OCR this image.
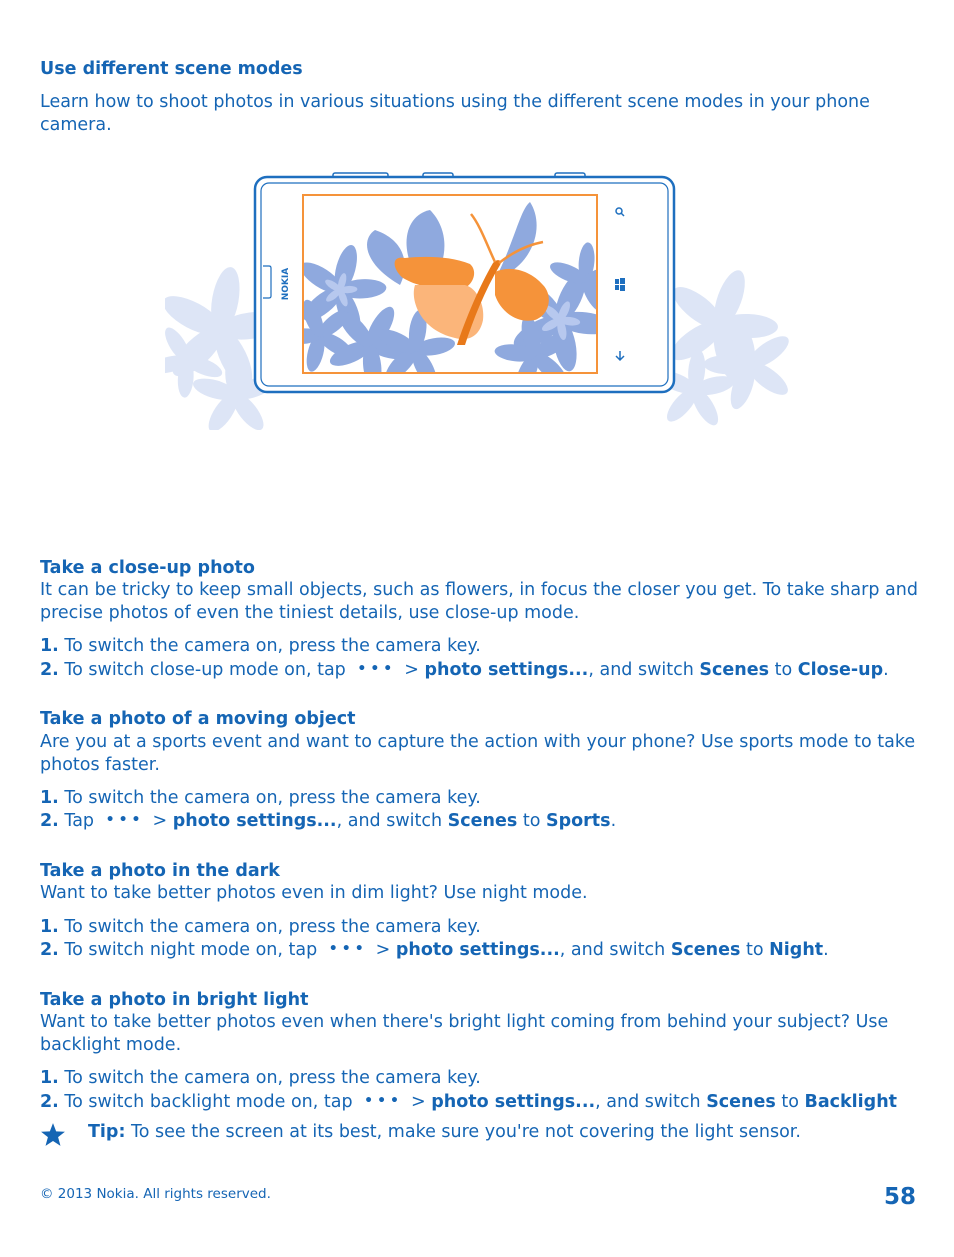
Use different scene modes

Learn how to shoot photos in various situations using the different scene modes in your phone camera.

NOKIA
Take a close-up photo

It can be tricky to keep small objects, such as flowers, in focus the closer you get. To take sharp and precise photos of even the tiniest details, use close-up mode.

1. To switch the camera on, press the camera key.
2. To switch close-up mode on, tap ••• > photo settings..., and switch Scenes to Close-up.
Take a photo of a moving object

Are you at a sports event and want to capture the action with your phone? Use sports mode to take photos faster.

1. To switch the camera on, press the camera key.
2. Tap ••• > photo settings..., and switch Scenes to Sports.
Take a photo in the dark

Want to take better photos even in dim light? Use night mode.

1. To switch the camera on, press the camera key.
2. To switch night mode on, tap ••• > photo settings..., and switch Scenes to Night.
Take a photo in bright light

Want to take better photos even when there's bright light coming from behind your subject? Use backlight mode.

1. To switch the camera on, press the camera key.
2. To switch backlight mode on, tap ••• > photo settings..., and switch Scenes to Backlight
Tip: To see the screen at its best, make sure you're not covering the light sensor.
© 2013 Nokia. All rights reserved.	58
